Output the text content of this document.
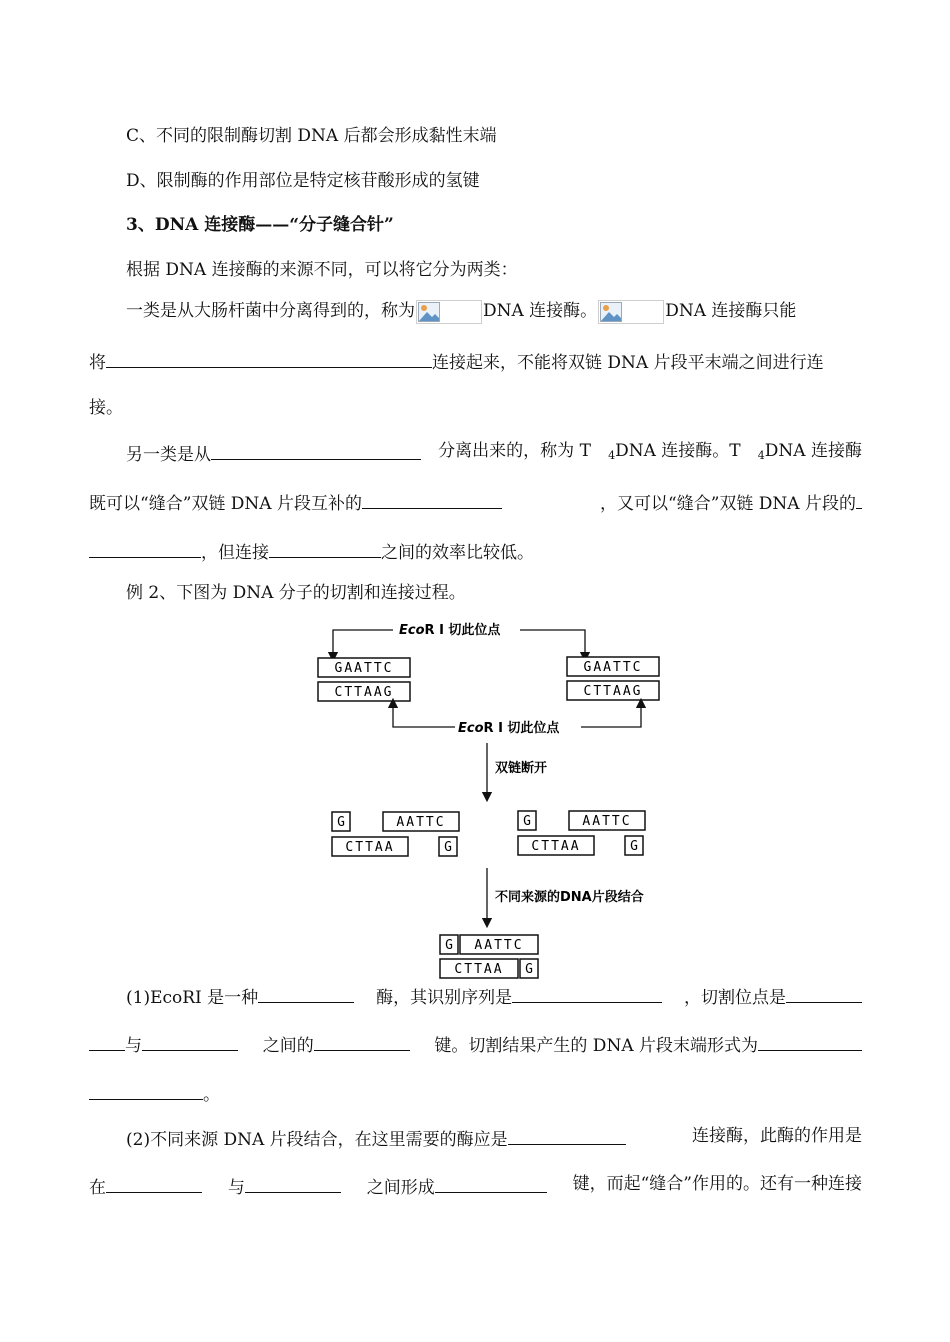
C、不同的限制酶切割 DNA 后都会形成黏性末端
D、限制酶的作用部位是特定核苷酸形成的氢键
3、DNA 连接酶——“分子缝合针”
根据 DNA 连接酶的来源不同，可以将它分为两类：
一类是从大肠杆菌中分离得到的，称为	DNA 连接酶。	DNA 连接酶只能
将	连接起来，不能将双链 DNA 片段平末端之间进行连
接。
另一类是从	分离出来的，称为 T $_4$DNA 连接酶。T $_4$DNA 连接酶
既可以“缝合”双链 DNA 片段互补的	，又可以“缝合”双链 DNA 片段的
，但连接	之间的效率比较低。
例 2、下图为 DNA 分子的切割和连接过程。
EcoR Ⅰ 切此位点
GAATTC
CTTAAG
GAATTC
CTTAAG
EcoR Ⅰ 切此位点
双链断开
G	AATTC
CTTAA	G
G	AATTC
CTTAA	G
不同来源的DNA片段结合
G AATTC
CTTAA G
(1)EcoRI 是一种	酶，其识别序列是	，切割位点是
与	之间的	键。切割结果产生的 DNA 片段末端形式为
。
(2)不同来源 DNA 片段结合，在这里需要的酶应是	连接酶，此酶的作用是
在	与	之间形成	键，而起“缝合”作用的。还有一种连接
